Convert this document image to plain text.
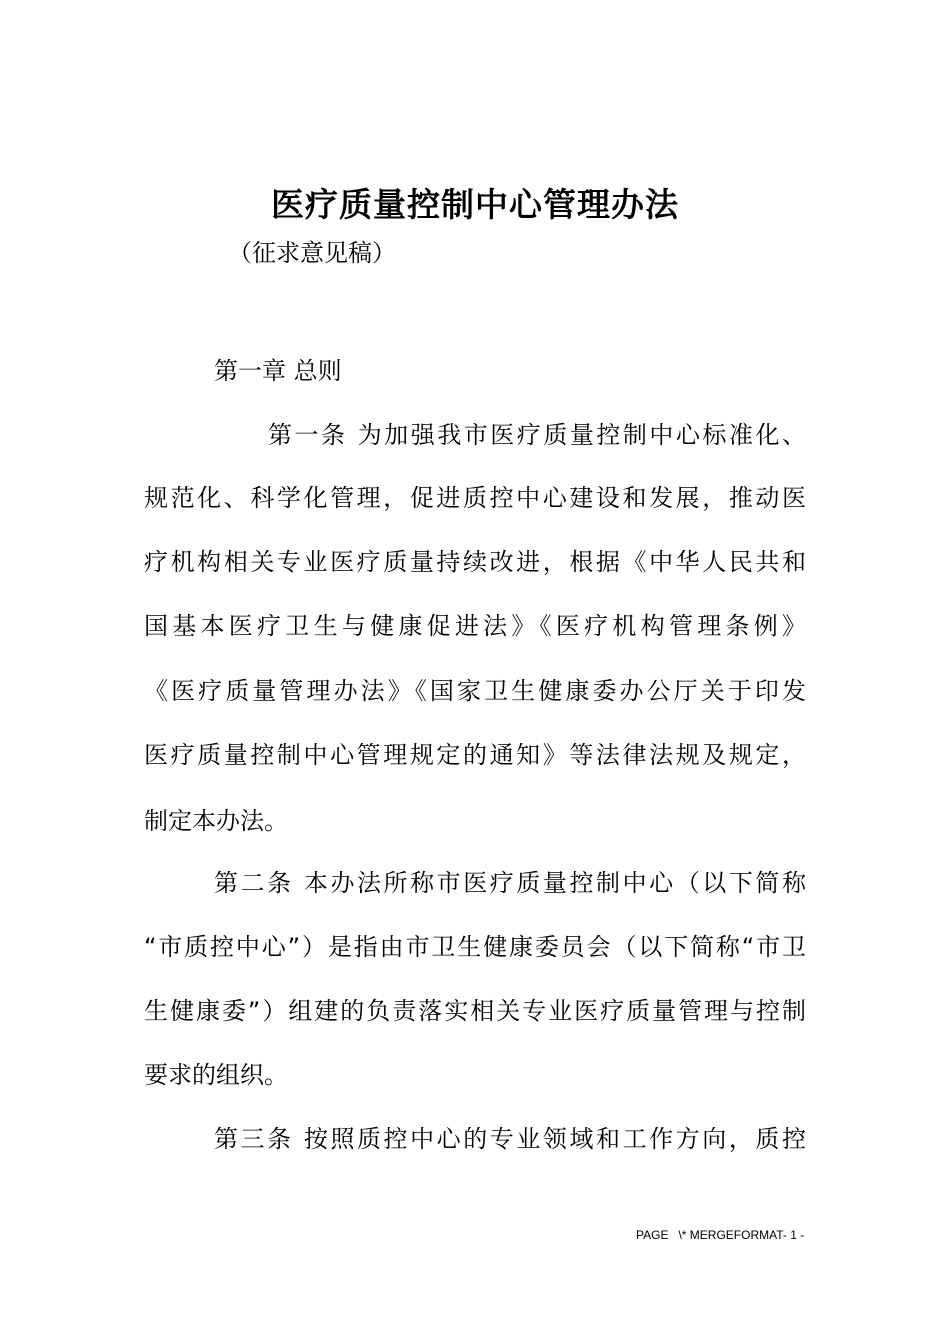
医疗质量控制中心管理办法
（征求意见稿）
第一章 总则
第一条 为加强我市医疗质量控制中心标准化、
规范化、科学化管理，促进质控中心建设和发展，推动医
疗机构相关专业医疗质量持续改进，根据《中华人民共和
国基本医疗卫生与健康促进法》《医疗机构管理条例》
《医疗质量管理办法》《国家卫生健康委办公厅关于印发
医疗质量控制中心管理规定的通知》等法律法规及规定，
制定本办法。
第二条 本办法所称市医疗质量控制中心（以下简称
“市质控中心”）是指由市卫生健康委员会（以下简称“市卫
生健康委”）组建的负责落实相关专业医疗质量管理与控制
要求的组织。
第三条 按照质控中心的专业领域和工作方向，质控
PAGE   \* MERGEFORMAT- 1 -
